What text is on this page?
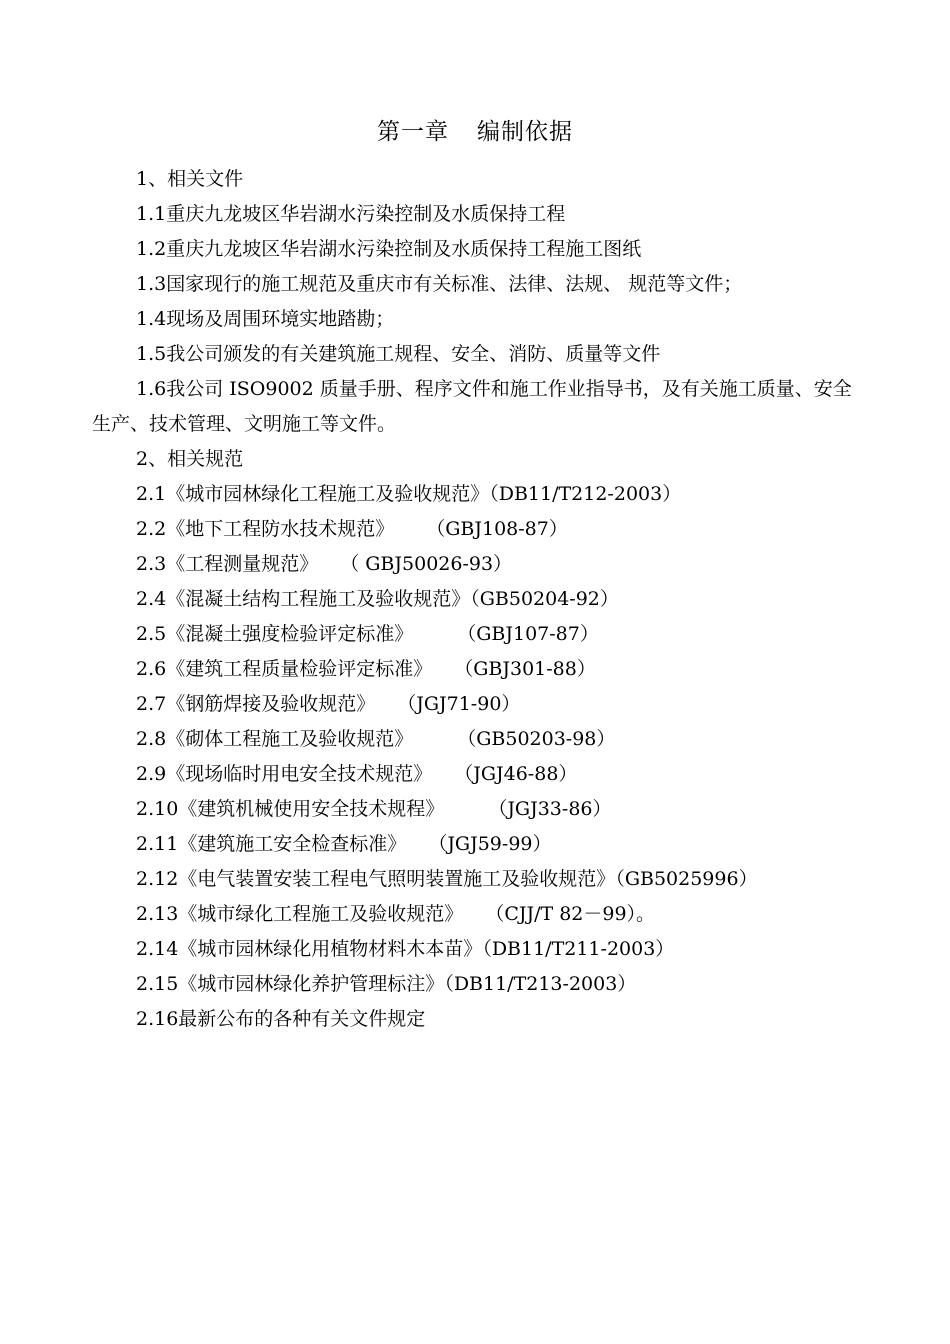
第一章 编制依据
1、相关文件
1.1重庆九龙坡区华岩湖水污染控制及水质保持工程
1.2重庆九龙坡区华岩湖水污染控制及水质保持工程施工图纸
1.3国家现行的施工规范及重庆市有关标准、法律、法规、 规范等文件；
1.4现场及周围环境实地踏勘；
1.5我公司颁发的有关建筑施工规程、安全、消防、质量等文件
1.6我公司 ISO9002 质量手册、程序文件和施工作业指导书，及有关施工质量、安全生产、技术管理、文明施工等文件。
2、相关规范
2.1《城市园林绿化工程施工及验收规范》（DB11/T212-2003）
2.2《地下工程防水技术规范》 （GBJ108-87）
2.3《工程测量规范》 （ GBJ50026-93）
2.4《混凝土结构工程施工及验收规范》（GB50204-92）
2.5《混凝土强度检验评定标准》 （GBJ107-87）
2.6《建筑工程质量检验评定标准》 （GBJ301-88）
2.7《钢筋焊接及验收规范》 （JGJ71-90）
2.8《砌体工程施工及验收规范》 （GB50203-98）
2.9《现场临时用电安全技术规范》 （JGJ46-88）
2.10《建筑机械使用安全技术规程》 （JGJ33-86）
2.11《建筑施工安全检查标准》 （JGJ59-99）
2.12《电气装置安装工程电气照明装置施工及验收规范》（GB5025996）
2.13《城市绿化工程施工及验收规范》 （CJJ/T 82－99）。
2.14《城市园林绿化用植物材料木本苗》（DB11/T211-2003）
2.15《城市园林绿化养护管理标注》（DB11/T213-2003）
2.16最新公布的各种有关文件规定
